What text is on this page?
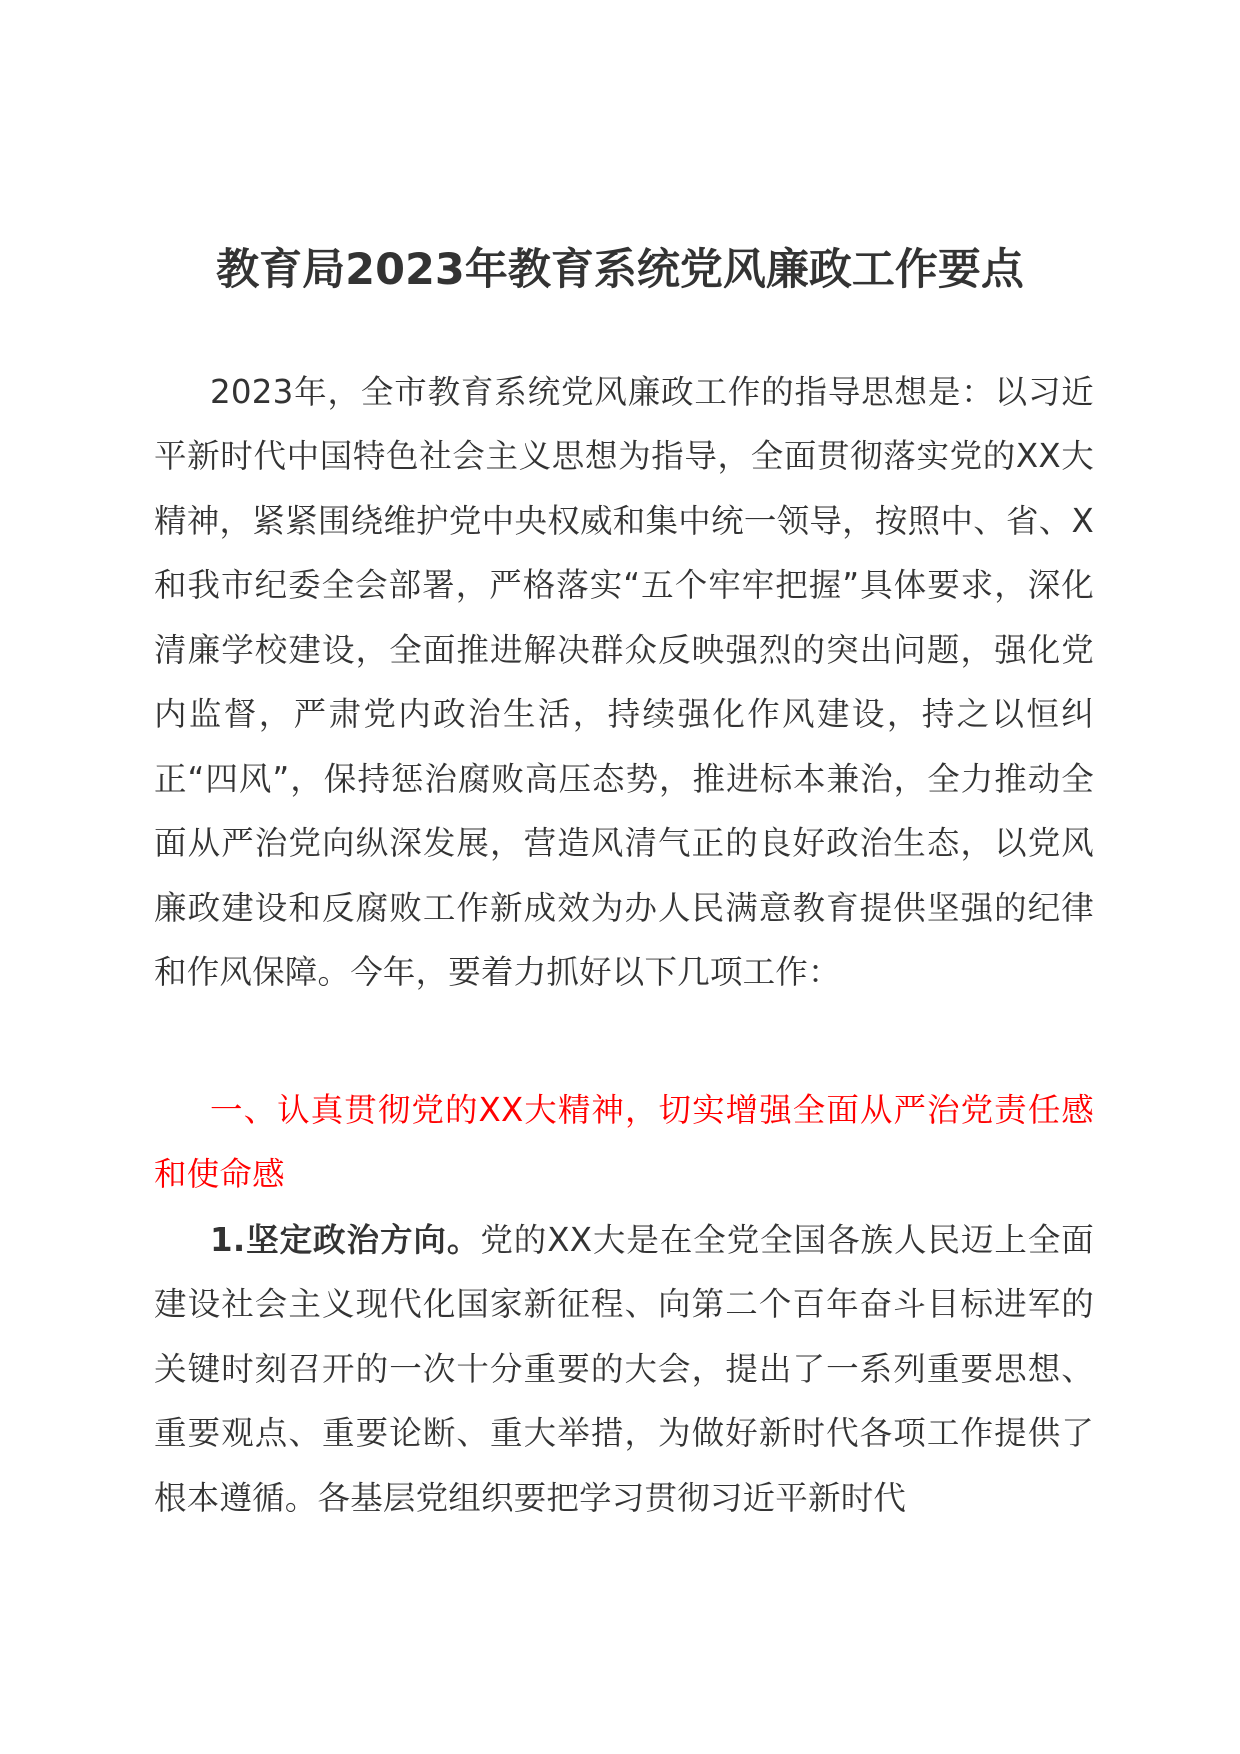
教育局2023年教育系统党风廉政工作要点

2023年，全市教育系统党风廉政工作的指导思想是：以习近平新时代中国特色社会主义思想为指导，全面贯彻落实党的XX大精神，紧紧围绕维护党中央权威和集中统一领导，按照中、省、X和我市纪委全会部署，严格落实“五个牢牢把握”具体要求，深化清廉学校建设，全面推进解决群众反映强烈的突出问题，强化党内监督，严肃党内政治生活，持续强化作风建设，持之以恒纠正“四风”，保持惩治腐败高压态势，推进标本兼治，全力推动全面从严治党向纵深发展，营造风清气正的良好政治生态，以党风廉政建设和反腐败工作新成效为办人民满意教育提供坚强的纪律和作风保障。今年，要着力抓好以下几项工作：

一、认真贯彻党的XX大精神，切实增强全面从严治党责任感和使命感

1.坚定政治方向。党的XX大是在全党全国各族人民迈上全面建设社会主义现代化国家新征程、向第二个百年奋斗目标进军的关键时刻召开的一次十分重要的大会，提出了一系列重要思想、重要观点、重要论断、重大举措，为做好新时代各项工作提供了根本遵循。各基层党组织要把学习贯彻习近平新时代
